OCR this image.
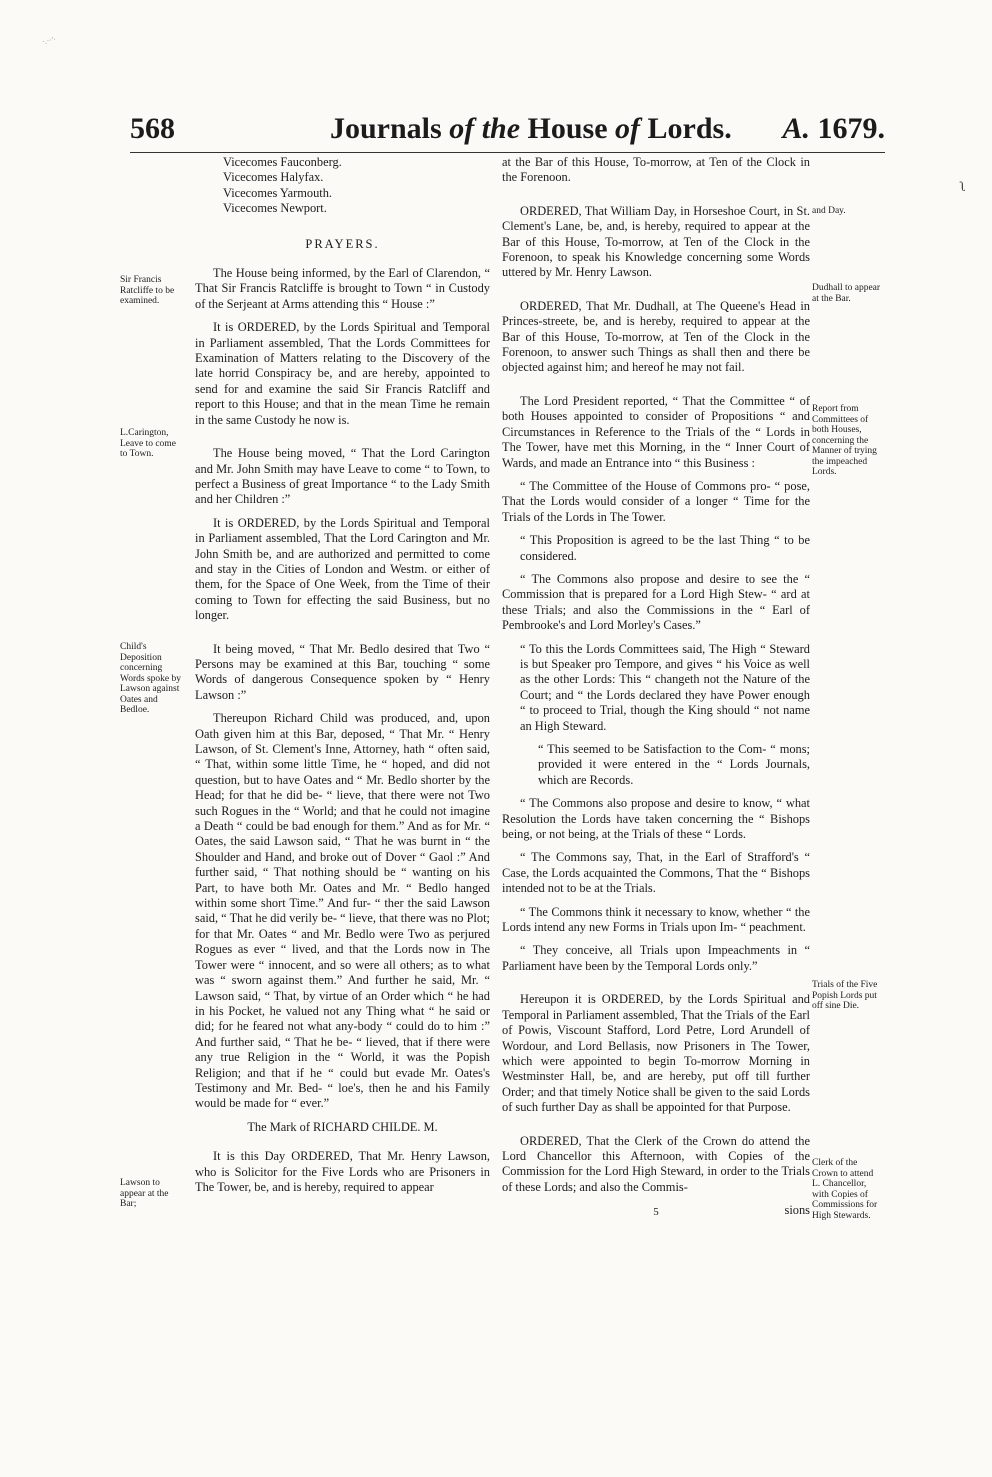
·.··'·
ʅ
568	Journals of the House of Lords. A. 1679.
Vicecomes Fauconberg.
Vicecomes Halyfax.
Vicecomes Yarmouth.
Vicecomes Newport.
PRAYERS.

The House being informed, by the Earl of Clarendon, “ That Sir Francis Ratcliffe is brought to Town “ in Custody of the Serjeant at Arms attending this “ House :”

It is ORDERED, by the Lords Spiritual and Temporal in Parliament assembled, That the Lords Committees for Examination of Matters relating to the Discovery of the late horrid Conspiracy be, and are hereby, appointed to send for and examine the said Sir Francis Ratcliff and report to this House; and that in the mean Time he remain in the same Custody he now is.

The House being moved, “ That the Lord Carington and Mr. John Smith may have Leave to come “ to Town, to perfect a Business of great Importance “ to the Lady Smith and her Children :”

It is ORDERED, by the Lords Spiritual and Temporal in Parliament assembled, That the Lord Carington and Mr. John Smith be, and are authorized and permitted to come and stay in the Cities of London and Westm. or either of them, for the Space of One Week, from the Time of their coming to Town for effecting the said Business, but no longer.

It being moved, “ That Mr. Bedlo desired that Two “ Persons may be examined at this Bar, touching “ some Words of dangerous Consequence spoken by “ Henry Lawson :”

Thereupon Richard Child was produced, and, upon Oath given him at this Bar, deposed, “ That Mr. “ Henry Lawson, of St. Clement's Inne, Attorney, hath “ often said, “ That, within some little Time, he “ hoped, and did not question, but to have Oates and “ Mr. Bedlo shorter by the Head; for that he did be- “ lieve, that there were not Two such Rogues in the “ World; and that he could not imagine a Death “ could be bad enough for them.” And as for Mr. “ Oates, the said Lawson said, “ That he was burnt in “ the Shoulder and Hand, and broke out of Dover “ Gaol :” And further said, “ That nothing should be “ wanting on his Part, to have both Mr. Oates and Mr. “ Bedlo hanged within some short Time.” And fur- “ ther the said Lawson said, “ That he did verily be- “ lieve, that there was no Plot; for that Mr. Oates “ and Mr. Bedlo were Two as perjured Rogues as ever “ lived, and that the Lords now in The Tower were “ innocent, and so were all others; as to what was “ sworn against them.” And further he said, Mr. “ Lawson said, “ That, by virtue of an Order which “ he had in his Pocket, he valued not any Thing what “ he said or did; for he feared not what any-body “ could do to him :” And further said, “ That he be- “ lieved, that if there were any true Religion in the “ World, it was the Popish Religion; and that if he “ could but evade Mr. Oates's Testimony and Mr. Bed- “ loe's, then he and his Family would be made for “ ever.”

The Mark of RICHARD CHILDE. M.

It is this Day ORDERED, That Mr. Henry Lawson, who is Solicitor for the Five Lords who are Prisoners in The Tower, be, and is hereby, required to appear

at the Bar of this House, To-morrow, at Ten of the Clock in the Forenoon.

ORDERED, That William Day, in Horseshoe Court, in St. Clement's Lane, be, and, is hereby, required to appear at the Bar of this House, To-morrow, at Ten of the Clock in the Forenoon, to speak his Knowledge concerning some Words uttered by Mr. Henry Lawson.

ORDERED, That Mr. Dudhall, at The Queene's Head in Princes-streete, be, and is hereby, required to appear at the Bar of this House, To-morrow, at Ten of the Clock in the Forenoon, to answer such Things as shall then and there be objected against him; and hereof he may not fail.

The Lord President reported, “ That the Committee “ of both Houses appointed to consider of Propositions “ and Circumstances in Reference to the Trials of the “ Lords in The Tower, have met this Morning, in the “ Inner Court of Wards, and made an Entrance into “ this Business :

“ The Committee of the House of Commons pro- “ pose, That the Lords would consider of a longer “ Time for the Trials of the Lords in The Tower.

“ This Proposition is agreed to be the last Thing “ to be considered.

“ The Commons also propose and desire to see the “ Commission that is prepared for a Lord High Stew- “ ard at these Trials; and also the Commissions in the “ Earl of Pembrooke's and Lord Morley's Cases.”

“ To this the Lords Committees said, The High “ Steward is but Speaker pro Tempore, and gives “ his Voice as well as the other Lords: This “ changeth not the Nature of the Court; and “ the Lords declared they have Power enough “ to proceed to Trial, though the King should “ not name an High Steward.

“ This seemed to be Satisfaction to the Com- “ mons; provided it were entered in the “ Lords Journals, which are Records.

“ The Commons also propose and desire to know, “ what Resolution the Lords have taken concerning the “ Bishops being, or not being, at the Trials of these “ Lords.

“ The Commons say, That, in the Earl of Strafford's “ Case, the Lords acquainted the Commons, That the “ Bishops intended not to be at the Trials.

“ The Commons think it necessary to know, whether “ the Lords intend any new Forms in Trials upon Im- “ peachment.

“ They conceive, all Trials upon Impeachments in “ Parliament have been by the Temporal Lords only.”

Hereupon it is ORDERED, by the Lords Spiritual and Temporal in Parliament assembled, That the Trials of the Earl of Powis, Viscount Stafford, Lord Petre, Lord Arundell of Wordour, and Lord Bellasis, now Prisoners in The Tower, which were appointed to begin To-morrow Morning in Westminster Hall, be, and are hereby, put off till further Order; and that timely Notice shall be given to the said Lords of such further Day as shall be appointed for that Purpose.

ORDERED, That the Clerk of the Crown do attend the Lord Chancellor this Afternoon, with Copies of the Commission for the Lord High Steward, in order to the Trials of these Lords; and also the Commis-

sions
5
Sir Francis Ratcliffe to be examined.
L.Carington, Leave to come to Town.
Child's Deposition concerning Words spoke by Lawson against Oates and Bedloe.
Lawson to appear at the Bar;
and Day.
Dudhall to appear at the Bar.
Report from Committees of both Houses, concerning the Manner of trying the impeached Lords.
Trials of the Five Popish Lords put off sine Die.
Clerk of the Crown to attend L. Chancellor, with Copies of Commissions for High Stewards.
